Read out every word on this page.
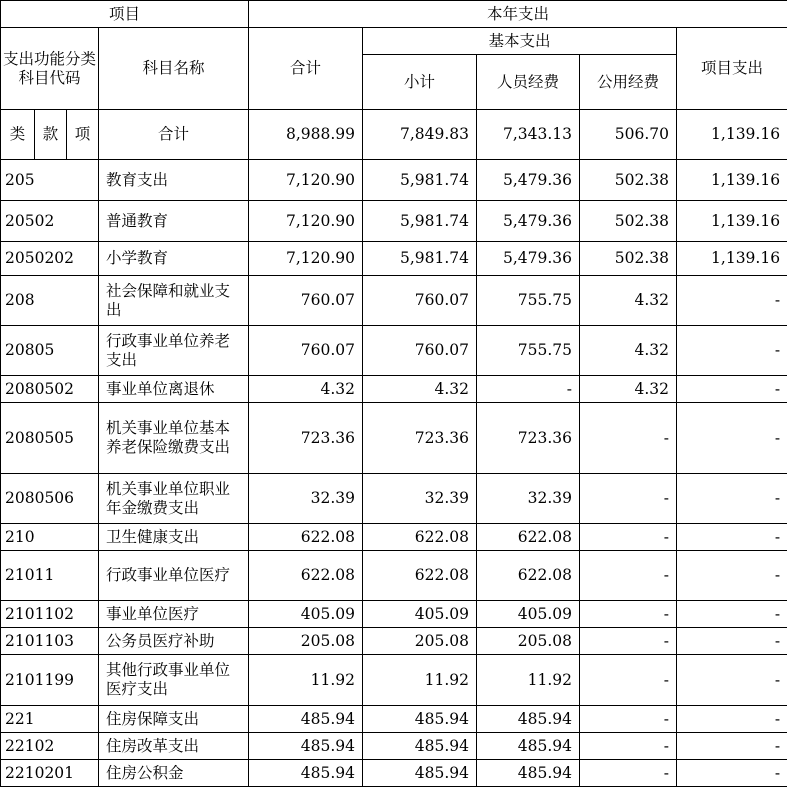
项目				本年支出				

支出功能分类科目代码			科目名称	合计	基本支出			项目支出
					小计	人员经费	公用经费	
类	款	项	合计	8,988.99	7,849.83	7,343.13	506.70	1,139.16
205			教育支出	7,120.90	5,981.74	5,479.36	502.38	1,139.16
20502			普通教育	7,120.90	5,981.74	5,479.36	502.38	1,139.16
2050202			小学教育	7,120.90	5,981.74	5,479.36	502.38	1,139.16
208			社会保障和就业支出	760.07	760.07	755.75	4.32	-
20805			行政事业单位养老支出	760.07	760.07	755.75	4.32	-
2080502			事业单位离退休	4.32	4.32	-	4.32	-
2080505			机关事业单位基本养老保险缴费支出	723.36	723.36	723.36	-	-
2080506			机关事业单位职业年金缴费支出	32.39	32.39	32.39	-	-
210			卫生健康支出	622.08	622.08	622.08	-	-
21011			行政事业单位医疗	622.08	622.08	622.08	-	-
2101102			事业单位医疗	405.09	405.09	405.09	-	-
2101103			公务员医疗补助	205.08	205.08	205.08	-	-
2101199			其他行政事业单位医疗支出	11.92	11.92	11.92	-	-
221			住房保障支出	485.94	485.94	485.94	-	-
22102			住房改革支出	485.94	485.94	485.94	-	-
2210201			住房公积金	485.94	485.94	485.94	-	-
